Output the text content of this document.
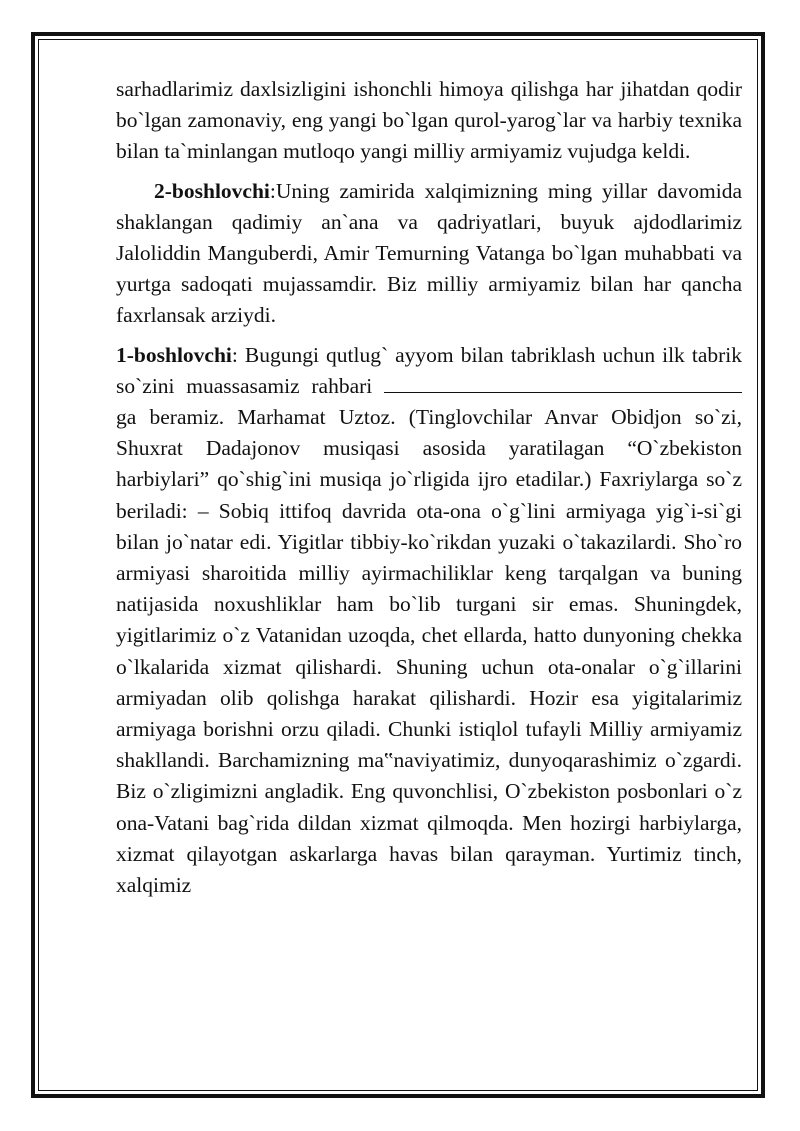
sarhadlarimiz daxlsizligini ishonchli himoya qilishga har jihatdan qodir bo`lgan zamonaviy, eng yangi bo`lgan qurol-yarog`lar va harbiy texnika bilan ta`minlangan mutloqo yangi milliy armiyamiz vujudga keldi.

2-boshlovchi:Uning zamirida xalqimizning ming yillar davomida shaklangan qadimiy an`ana va qadriyatlari, buyuk ajdodlarimiz Jaloliddin Manguberdi, Amir Temurning Vatanga bo`lgan muhabbati va yurtga sadoqati mujassamdir. Biz milliy armiyamiz bilan har qancha faxrlansak arziydi.

1-boshlovchi: Bugungi qutlug` ayyom bilan tabriklash uchun ilk tabrik so`zini muassasamiz rahbari ga beramiz. Marhamat Uztoz. (Tinglovchilar Anvar Obidjon so`zi, Shuxrat Dadajonov musiqasi asosida yaratilagan “O`zbekiston harbiylari” qo`shig`ini musiqa jo`rligida ijro etadilar.) Faxriylarga so`z beriladi: – Sobiq ittifoq davrida ota-ona o`g`lini armiyaga yig`i-si`gi bilan jo`natar edi. Yigitlar tibbiy-ko`rikdan yuzaki o`takazilardi. Sho`ro armiyasi sharoitida milliy ayirmachiliklar keng tarqalgan va buning natijasida noxushliklar ham bo`lib turgani sir emas. Shuningdek, yigitlarimiz o`z Vatanidan uzoqda, chet ellarda, hatto dunyoning chekka o`lkalarida xizmat qilishardi. Shuning uchun ota-onalar o`g`illarini armiyadan olib qolishga harakat qilishardi. Hozir esa yigitalarimiz armiyaga borishni orzu qiladi. Chunki istiqlol tufayli Milliy armiyamiz shakllandi. Barchamizning ma‟naviyatimiz, dunyoqarashimiz o`zgardi. Biz o`zligimizni angladik. Eng quvonchlisi, O`zbekiston posbonlari o`z ona-Vatani bag`rida dildan xizmat qilmoqda. Men hozirgi harbiylarga, xizmat qilayotgan askarlarga havas bilan qarayman. Yurtimiz tinch, xalqimiz
